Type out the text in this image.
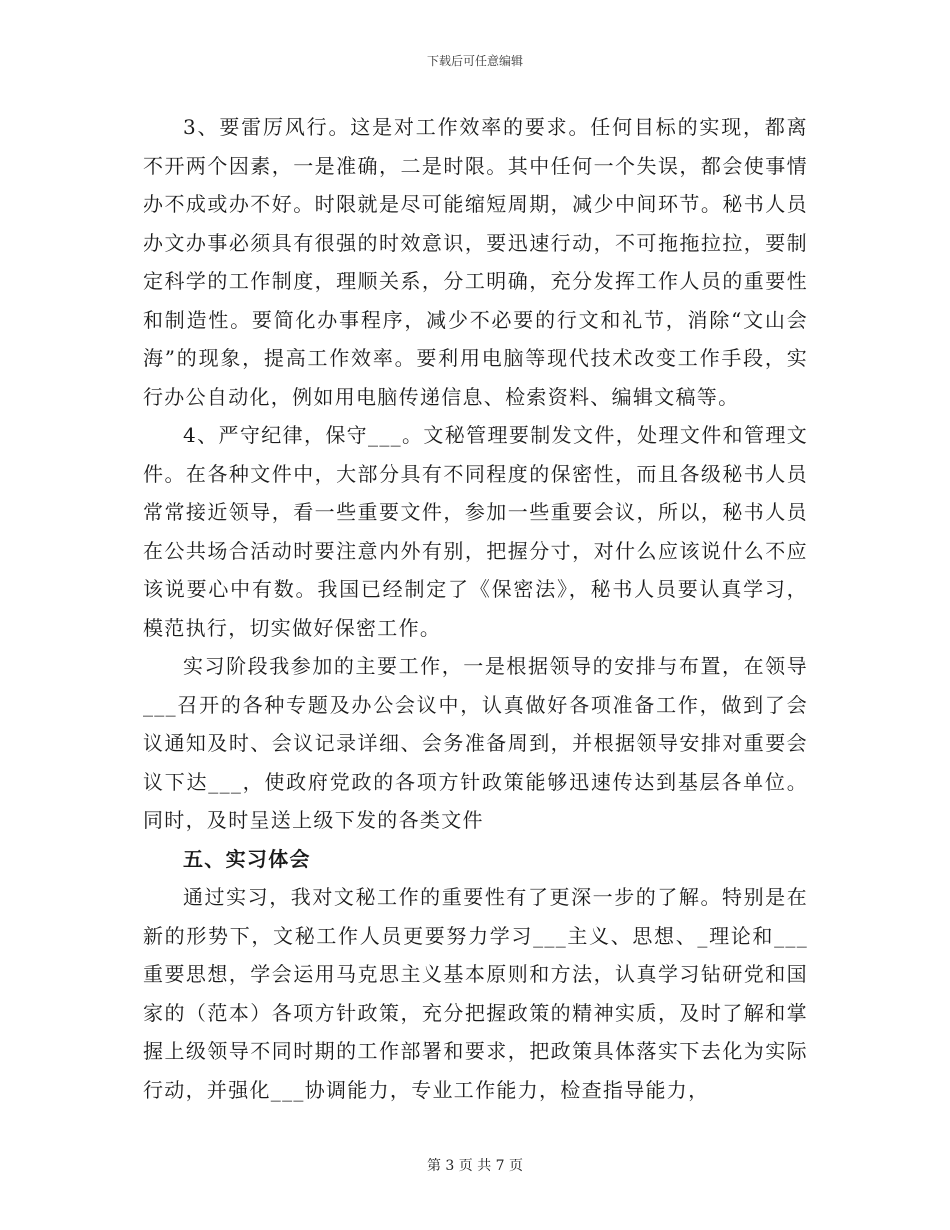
下载后可任意编辑

3、要雷厉风行。这是对工作效率的要求。任何目标的实现，都离不开两个因素，一是准确，二是时限。其中任何一个失误，都会使事情办不成或办不好。时限就是尽可能缩短周期，减少中间环节。秘书人员办文办事必须具有很强的时效意识，要迅速行动，不可拖拖拉拉，要制定科学的工作制度，理顺关系，分工明确，充分发挥工作人员的重要性和制造性。要简化办事程序，减少不必要的行文和礼节，消除“文山会海”的现象，提高工作效率。要利用电脑等现代技术改变工作手段，实行办公自动化，例如用电脑传递信息、检索资料、编辑文稿等。

4、严守纪律，保守___。文秘管理要制发文件，处理文件和管理文件。在各种文件中，大部分具有不同程度的保密性，而且各级秘书人员常常接近领导，看一些重要文件，参加一些重要会议，所以，秘书人员在公共场合活动时要注意内外有别，把握分寸，对什么应该说什么不应该说要心中有数。我国已经制定了《保密法》，秘书人员要认真学习，模范执行，切实做好保密工作。

实习阶段我参加的主要工作，一是根据领导的安排与布置，在领导___召开的各种专题及办公会议中，认真做好各项准备工作，做到了会议通知及时、会议记录详细、会务准备周到，并根据领导安排对重要会议下达___，使政府党政的各项方针政策能够迅速传达到基层各单位。同时，及时呈送上级下发的各类文件

五、实习体会

通过实习，我对文秘工作的重要性有了更深一步的了解。特别是在新的形势下，文秘工作人员更要努力学习___主义、思想、_理论和___重要思想，学会运用马克思主义基本原则和方法，认真学习钻研党和国家的（范本）各项方针政策，充分把握政策的精神实质，及时了解和掌握上级领导不同时期的工作部署和要求，把政策具体落实下去化为实际行动，并强化___协调能力，专业工作能力，检查指导能力，

第 3 页 共 7 页
